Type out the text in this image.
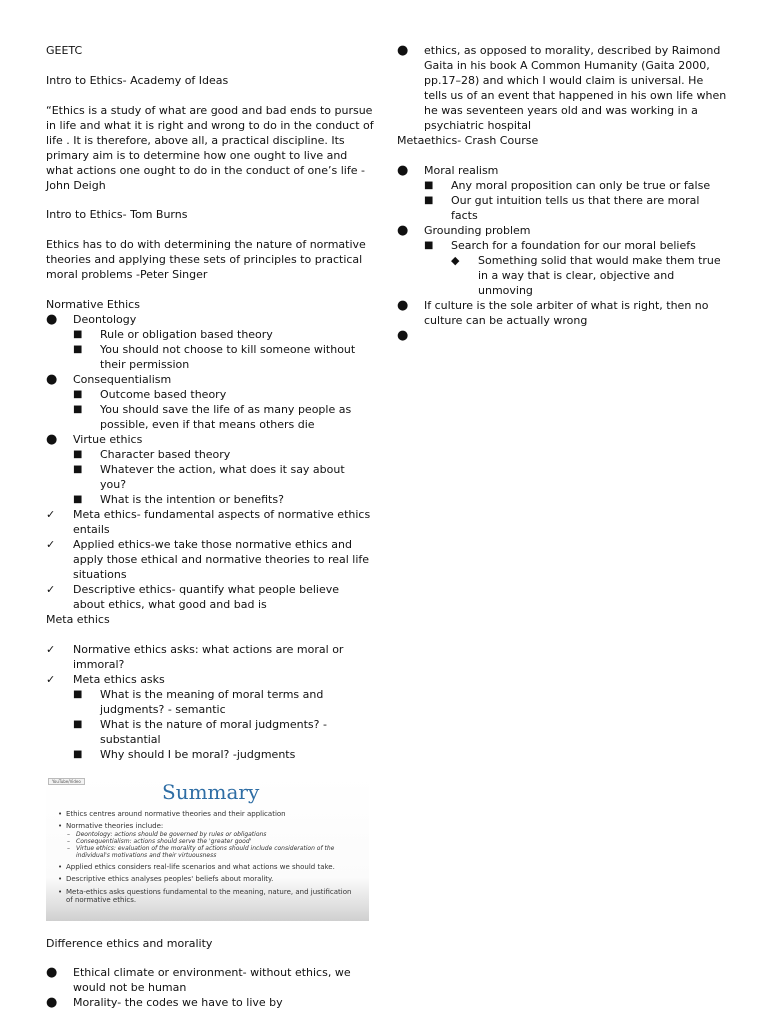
GEETC

Intro to Ethics- Academy of Ideas

“Ethics is a study of what are good and bad ends to pursue in life and what it is right and wrong to do in the conduct of life . It is therefore, above all, a practical discipline. Its primary aim is to determine how one ought to live and what actions one ought to do in the conduct of one’s life -John Deigh

Intro to Ethics- Tom Burns

Ethics has to do with determining the nature of normative theories and applying these sets of principles to practical moral problems -Peter Singer

Normative Ethics

●	Deontology
■	Rule or obligation based theory
■	You should not choose to kill someone without their permission
●	Consequentialism
■	Outcome based theory
■	You should save the life of as many people as possible, even if that means others die
●	Virtue ethics
■	Character based theory
■	Whatever the action, what does it say about you?
■	What is the intention or benefits?
✓	Meta ethics- fundamental aspects of normative ethics entails
✓	Applied ethics-we take those normative ethics and apply those ethical and normative theories to real life situations
✓	Descriptive ethics- quantify what people believe about ethics, what good and bad is

Meta ethics

✓	Normative ethics asks: what actions are moral or immoral?
✓	Meta ethics asks
■	What is the meaning of moral terms and judgments? - semantic
■	What is the nature of moral judgments? - substantial
■	Why should I be moral? -judgments
YouTube/Video	Summary
• Ethics centres around normative theories and their application
• Normative theories include:
– Deontology: actions should be governed by rules or obligations
– Consequentialism: actions should serve the 'greater good'
– Virtue ethics: evaluation of the morality of actions should include consideration of the individual's motivations and their virtuousness
• Applied ethics considers real-life scenarios and what actions we should take.
• Descriptive ethics analyses peoples' beliefs about morality.
• Meta-ethics asks questions fundamental to the meaning, nature, and justification of normative ethics.

Difference ethics and morality

●	Ethical climate or environment- without ethics, we would not be human
●	Morality- the codes we have to live by
●	ethics, as opposed to morality, described by Raimond Gaita in his book A Common Humanity (Gaita 2000, pp.17–28) and which I would claim is universal. He tells us of an event that happened in his own life when he was seventeen years old and was working in a psychiatric hospital

Metaethics- Crash Course

●	Moral realism
■	Any moral proposition can only be true or false
■	Our gut intuition tells us that there are moral facts
●	Grounding problem
■	Search for a foundation for our moral beliefs
◆	Something solid that would make them true in a way that is clear, objective and unmoving
●	If culture is the sole arbiter of what is right, then no culture can be actually wrong
●
